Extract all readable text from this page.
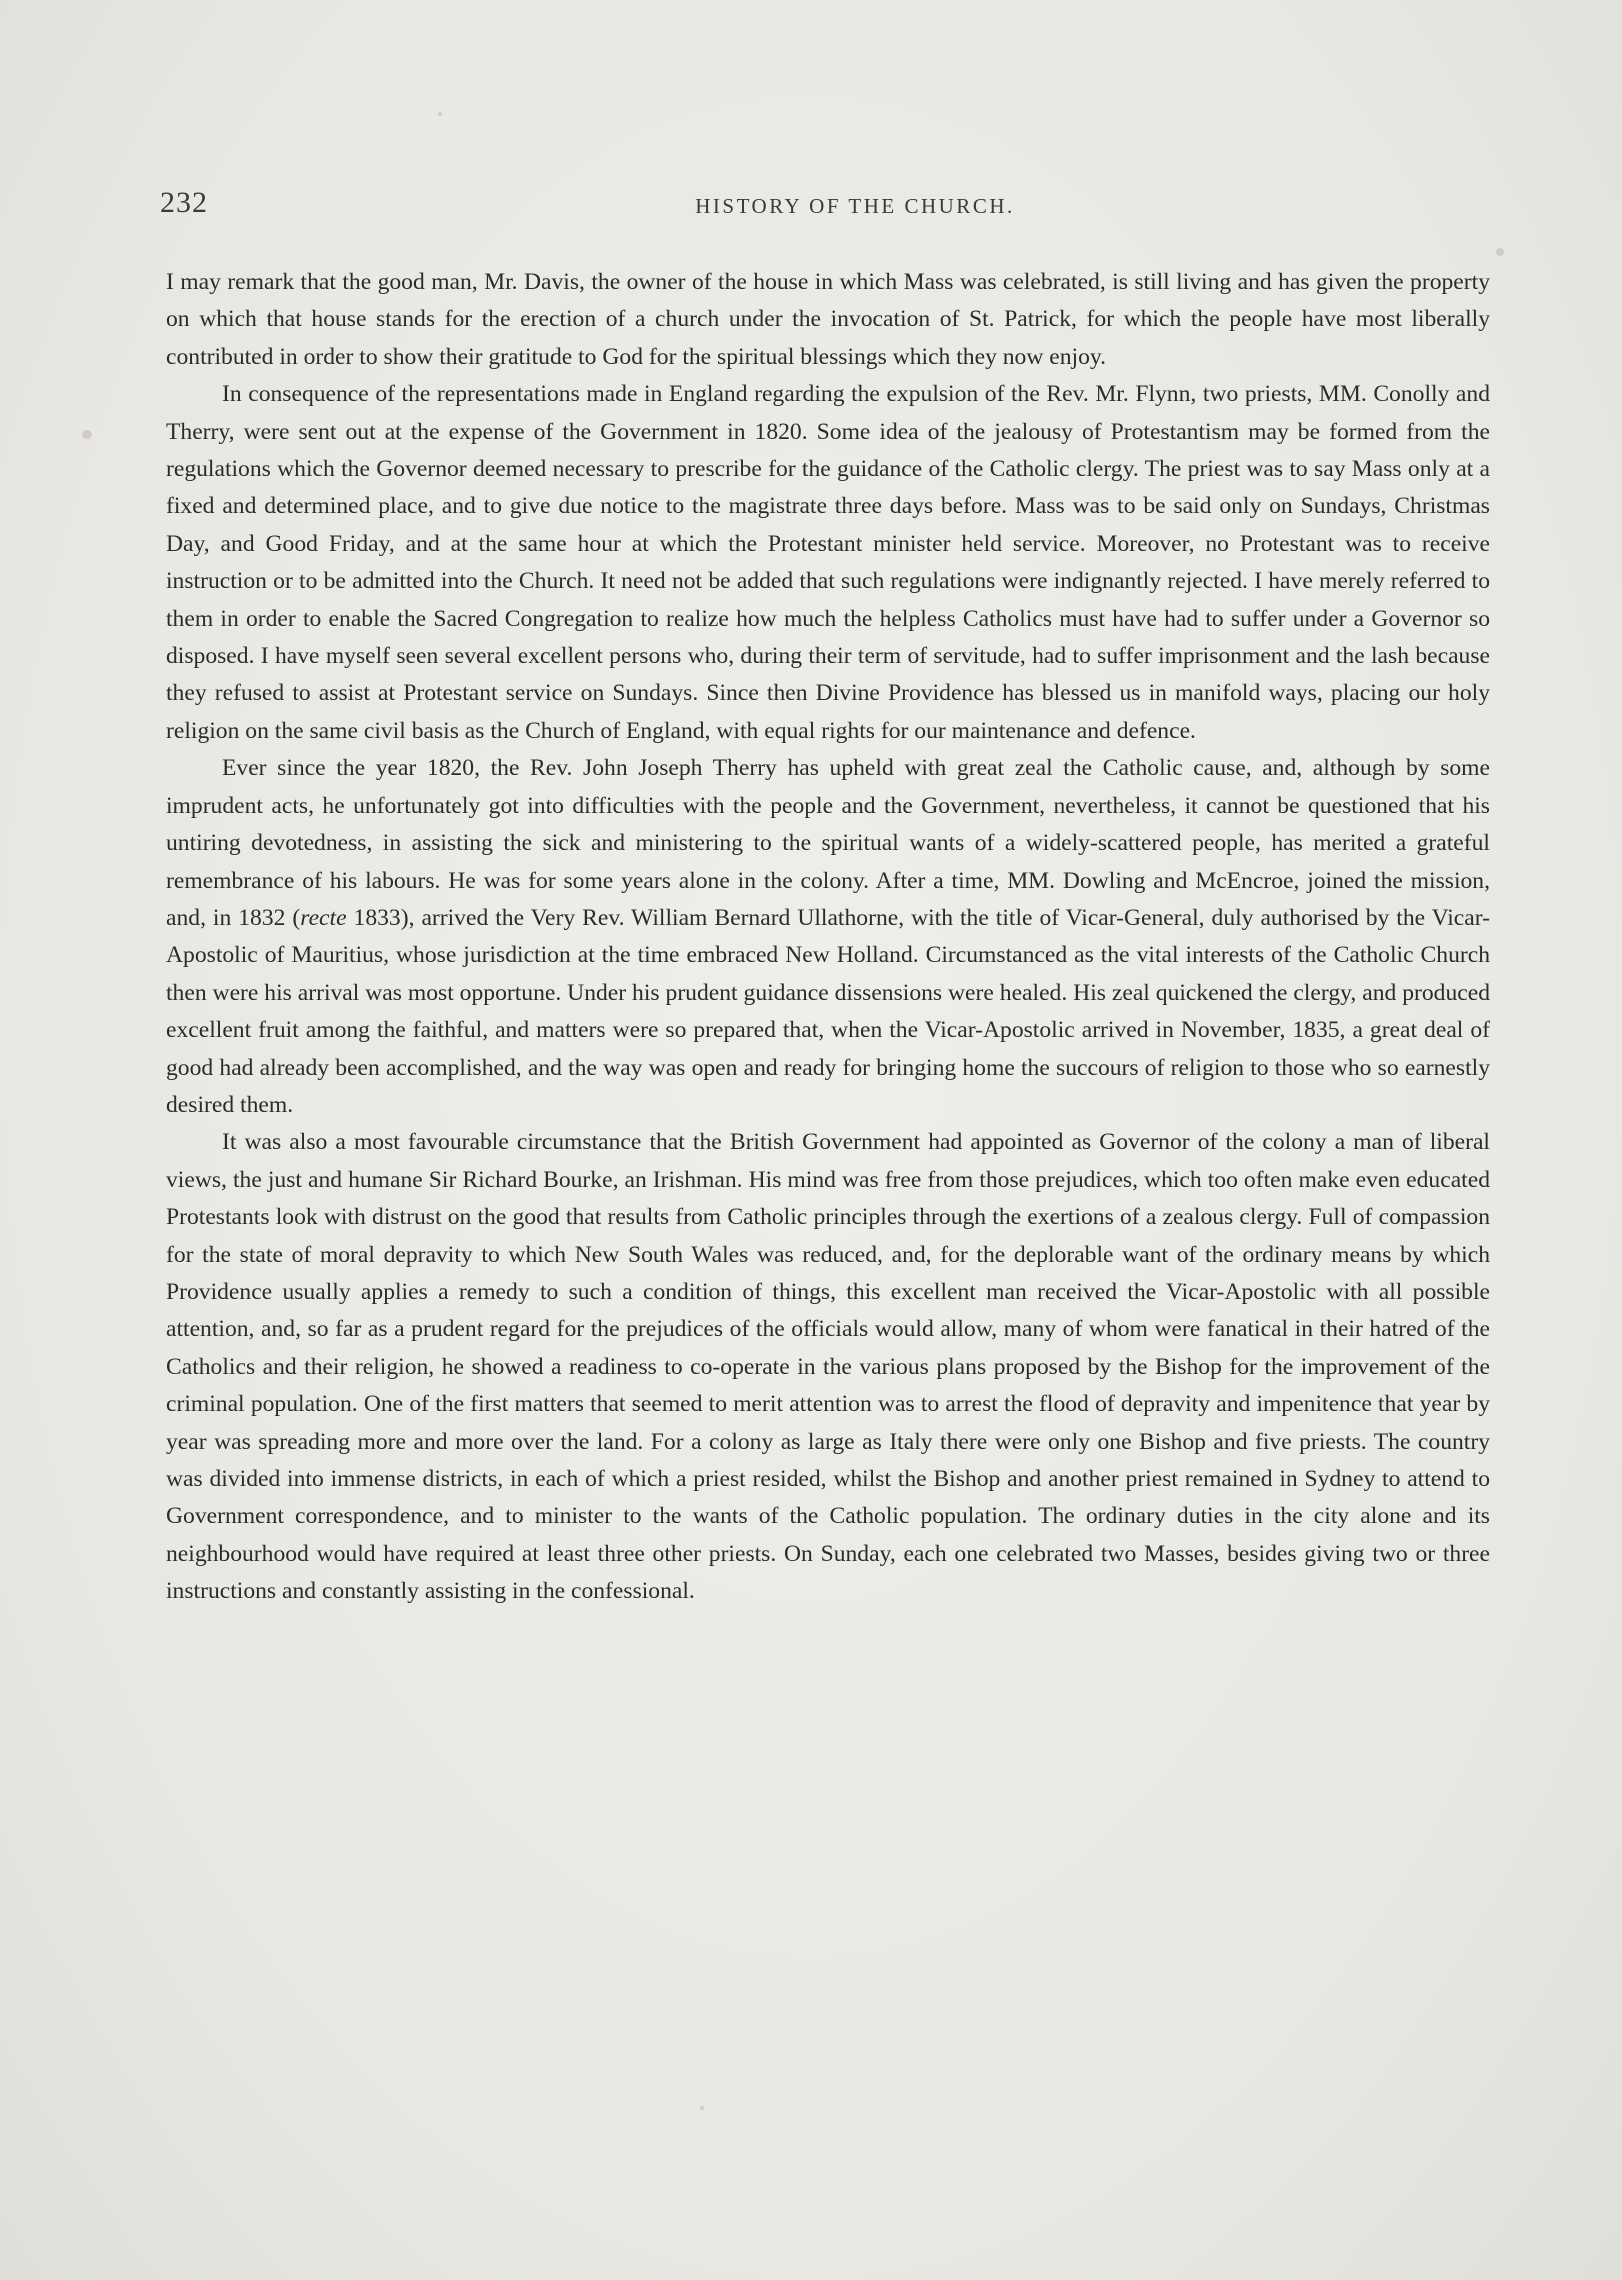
232	HISTORY OF THE CHURCH.

I may remark that the good man, Mr. Davis, the owner of the house in which Mass was celebrated, is still living and has given the property on which that house stands for the erection of a church under the invocation of St. Patrick, for which the people have most liberally contributed in order to show their gratitude to God for the spiritual blessings which they now enjoy.

In consequence of the representations made in England regarding the expulsion of the Rev. Mr. Flynn, two priests, MM. Conolly and Therry, were sent out at the expense of the Government in 1820. Some idea of the jealousy of Protestantism may be formed from the regulations which the Governor deemed necessary to prescribe for the guidance of the Catholic clergy. The priest was to say Mass only at a fixed and determined place, and to give due notice to the magistrate three days before. Mass was to be said only on Sundays, Christmas Day, and Good Friday, and at the same hour at which the Protestant minister held service. Moreover, no Protestant was to receive instruction or to be admitted into the Church. It need not be added that such regulations were indignantly rejected. I have merely referred to them in order to enable the Sacred Congregation to realize how much the helpless Catholics must have had to suffer under a Governor so disposed. I have myself seen several excellent persons who, during their term of servitude, had to suffer imprisonment and the lash because they refused to assist at Protestant service on Sundays. Since then Divine Providence has blessed us in manifold ways, placing our holy religion on the same civil basis as the Church of England, with equal rights for our maintenance and defence.

Ever since the year 1820, the Rev. John Joseph Therry has upheld with great zeal the Catholic cause, and, although by some imprudent acts, he unfortunately got into difficulties with the people and the Government, nevertheless, it cannot be questioned that his untiring devotedness, in assisting the sick and ministering to the spiritual wants of a widely-scattered people, has merited a grateful remembrance of his labours. He was for some years alone in the colony. After a time, MM. Dowling and McEncroe, joined the mission, and, in 1832 (recte 1833), arrived the Very Rev. William Bernard Ullathorne, with the title of Vicar-General, duly authorised by the Vicar-Apostolic of Mauritius, whose jurisdiction at the time embraced New Holland. Circumstanced as the vital interests of the Catholic Church then were his arrival was most opportune. Under his prudent guidance dissensions were healed. His zeal quickened the clergy, and produced excellent fruit among the faithful, and matters were so prepared that, when the Vicar-Apostolic arrived in November, 1835, a great deal of good had already been accomplished, and the way was open and ready for bringing home the succours of religion to those who so earnestly desired them.

It was also a most favourable circumstance that the British Government had appointed as Governor of the colony a man of liberal views, the just and humane Sir Richard Bourke, an Irishman. His mind was free from those prejudices, which too often make even educated Protestants look with distrust on the good that results from Catholic principles through the exertions of a zealous clergy. Full of compassion for the state of moral depravity to which New South Wales was reduced, and, for the deplorable want of the ordinary means by which Providence usually applies a remedy to such a condition of things, this excellent man received the Vicar-Apostolic with all possible attention, and, so far as a prudent regard for the prejudices of the officials would allow, many of whom were fanatical in their hatred of the Catholics and their religion, he showed a readiness to co-operate in the various plans proposed by the Bishop for the improvement of the criminal population. One of the first matters that seemed to merit attention was to arrest the flood of depravity and impenitence that year by year was spreading more and more over the land. For a colony as large as Italy there were only one Bishop and five priests. The country was divided into immense districts, in each of which a priest resided, whilst the Bishop and another priest remained in Sydney to attend to Government correspondence, and to minister to the wants of the Catholic population. The ordinary duties in the city alone and its neighbourhood would have required at least three other priests. On Sunday, each one celebrated two Masses, besides giving two or three instructions and constantly assisting in the confessional.
